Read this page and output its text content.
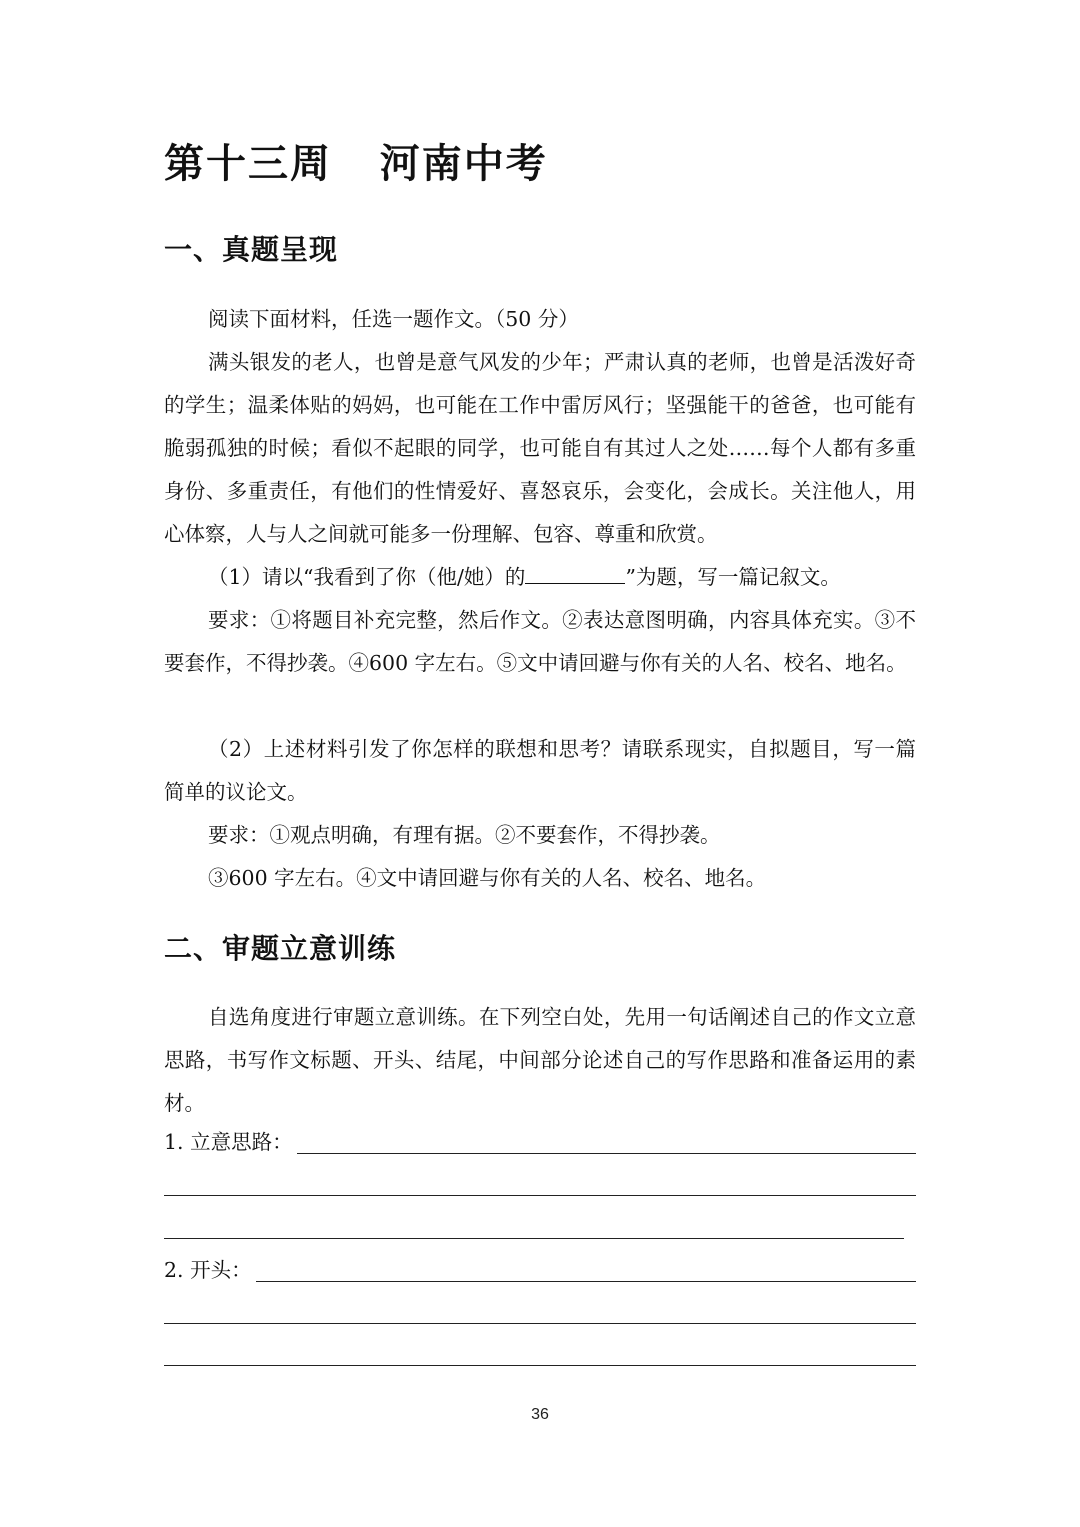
第十三周   河南中考
一、真题呈现

阅读下面材料，任选一题作文。（50 分）

满头银发的老人，也曾是意气风发的少年；严肃认真的老师，也曾是活泼好奇的学生；温柔体贴的妈妈，也可能在工作中雷厉风行；坚强能干的爸爸，也可能有脆弱孤独的时候；看似不起眼的同学，也可能自有其过人之处……每个人都有多重身份、多重责任，有他们的性情爱好、喜怒哀乐，会变化，会成长。关注他人，用心体察，人与人之间就可能多一份理解、包容、尊重和欣赏。

（1）请以“我看到了你（他/她）的	”为题，写一篇记叙文。

要求：①将题目补充完整，然后作文。②表达意图明确，内容具体充实。③不要套作，不得抄袭。④600 字左右。⑤文中请回避与你有关的人名、校名、地名。

（2）上述材料引发了你怎样的联想和思考？请联系现实，自拟题目，写一篇简单的议论文。

要求：①观点明确，有理有据。②不要套作，不得抄袭。

③600 字左右。④文中请回避与你有关的人名、校名、地名。

二、审题立意训练

自选角度进行审题立意训练。在下列空白处，先用一句话阐述自己的作文立意思路，书写作文标题、开头、结尾，中间部分论述自己的写作思路和准备运用的素材。

1. 立意思路：
2. 开头：
36
